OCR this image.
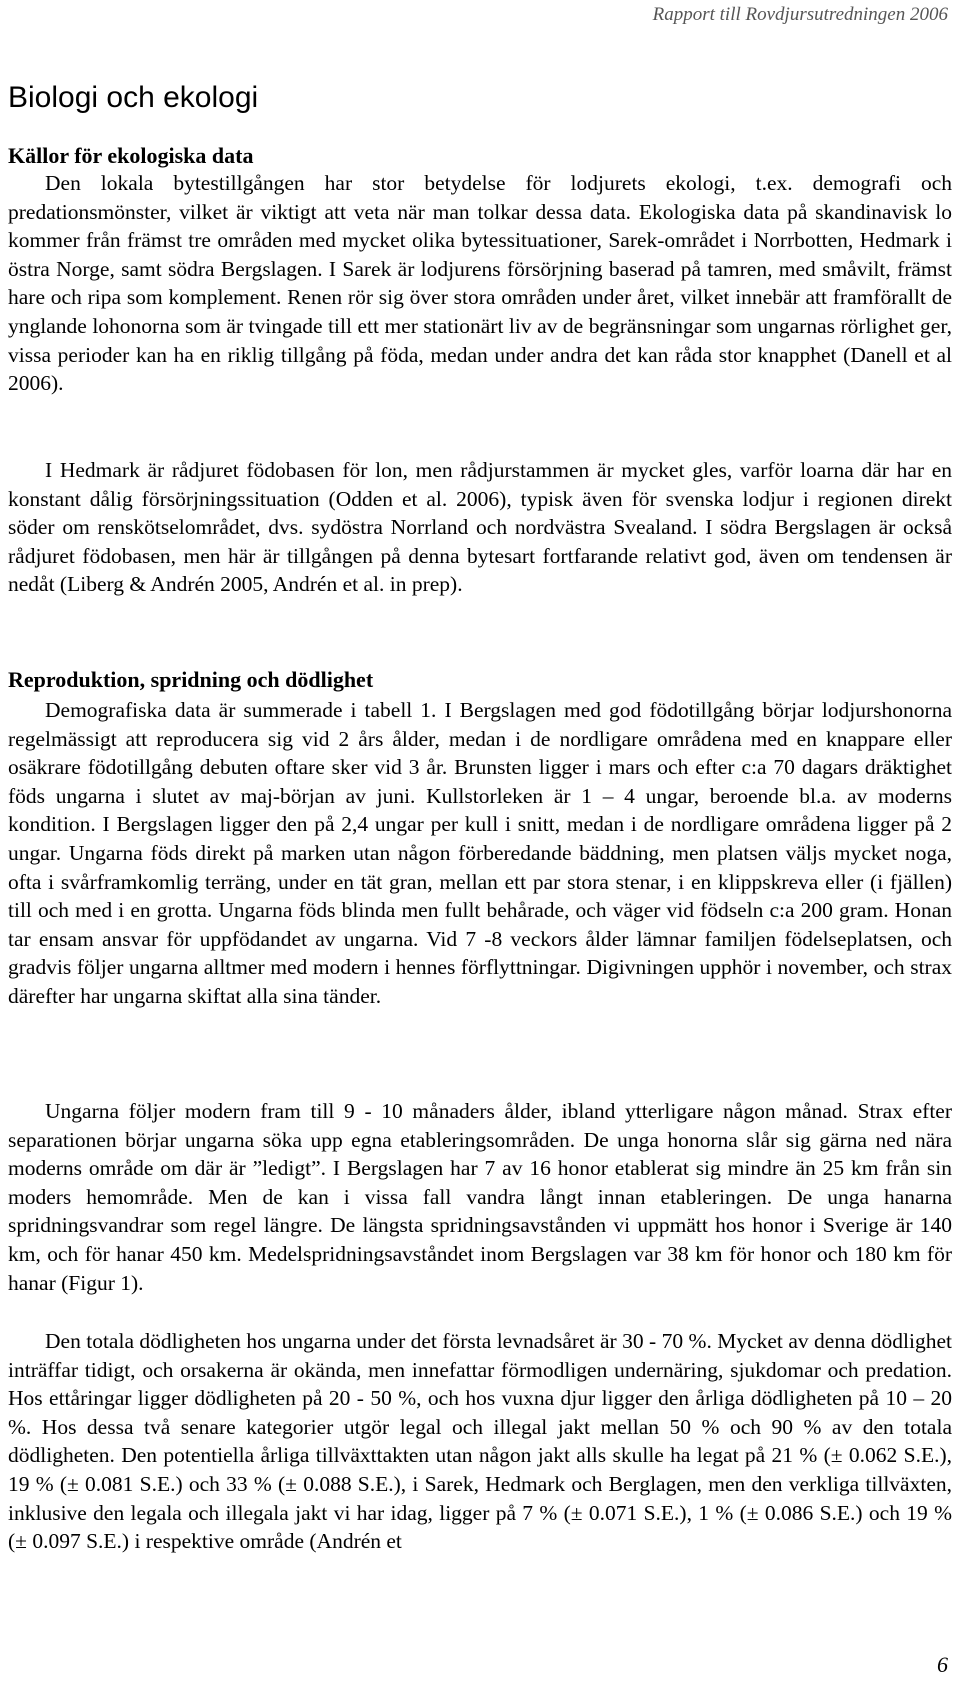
Rapport till Rovdjursutredningen 2006
Biologi och ekologi
Källor för ekologiska data

Den lokala bytestillgången har stor betydelse för lodjurets ekologi, t.ex. demografi och predationsmönster, vilket är viktigt att veta när man tolkar dessa data. Ekologiska data på skandinavisk lo kommer från främst tre områden med mycket olika bytessituationer, Sarek-området i Norrbotten, Hedmark i östra Norge, samt södra Bergslagen. I Sarek är lodjurens försörjning baserad på tamren, med småvilt, främst hare och ripa som komplement. Renen rör sig över stora områden under året, vilket innebär att framförallt de ynglande lohonorna som är tvingade till ett mer stationärt liv av de begränsningar som ungarnas rörlighet ger, vissa perioder kan ha en riklig tillgång på föda, medan under andra det kan råda stor knapphet (Danell et al 2006).

I Hedmark är rådjuret födobasen för lon, men rådjurstammen är mycket gles, varför loarna där har en konstant dålig försörjningssituation (Odden et al. 2006), typisk även för svenska lodjur i regionen direkt söder om renskötselområdet, dvs. sydöstra Norrland och nordvästra Svealand. I södra Bergslagen är också rådjuret födobasen, men här är tillgången på denna bytesart fortfarande relativt god, även om tendensen är nedåt (Liberg & Andrén 2005, Andrén et al. in prep).

Reproduktion, spridning och dödlighet

Demografiska data är summerade i tabell 1. I Bergslagen med god födotillgång börjar lodjurshonorna regelmässigt att reproducera sig vid 2 års ålder, medan i de nordligare områdena med en knappare eller osäkrare födotillgång debuten oftare sker vid 3 år. Brunsten ligger i mars och efter c:a 70 dagars dräktighet föds ungarna i slutet av maj-början av juni. Kullstorleken är 1 – 4 ungar, beroende bl.a. av moderns kondition. I Bergslagen ligger den på 2,4 ungar per kull i snitt, medan i de nordligare områdena ligger på 2 ungar. Ungarna föds direkt på marken utan någon förberedande bäddning, men platsen väljs mycket noga, ofta i svårframkomlig terräng, under en tät gran, mellan ett par stora stenar, i en klippskreva eller (i fjällen) till och med i en grotta. Ungarna föds blinda men fullt behårade, och väger vid födseln c:a 200 gram. Honan tar ensam ansvar för uppfödandet av ungarna. Vid 7 -8 veckors ålder lämnar familjen födelseplatsen, och gradvis följer ungarna alltmer med modern i hennes förflyttningar. Digivningen upphör i november, och strax därefter har ungarna skiftat alla sina tänder.

Ungarna följer modern fram till 9 - 10 månaders ålder, ibland ytterligare någon månad. Strax efter separationen börjar ungarna söka upp egna etableringsområden. De unga honorna slår sig gärna ned nära moderns område om där är ”ledigt”. I Bergslagen har 7 av 16 honor etablerat sig mindre än 25 km från sin moders hemområde. Men de kan i vissa fall vandra långt innan etableringen. De unga hanarna spridningsvandrar som regel längre. De längsta spridningsavstånden vi uppmätt hos honor i Sverige är 140 km, och för hanar 450 km. Medelspridningsavståndet inom Bergslagen var 38 km för honor och 180 km för hanar (Figur 1).

Den totala dödligheten hos ungarna under det första levnadsåret är 30 - 70 %. Mycket av denna dödlighet inträffar tidigt, och orsakerna är okända, men innefattar förmodligen undernäring, sjukdomar och predation. Hos ettåringar ligger dödligheten på 20 - 50 %, och hos vuxna djur ligger den årliga dödligheten på 10 – 20 %. Hos dessa två senare kategorier utgör legal och illegal jakt mellan 50 % och 90 % av den totala dödligheten. Den potentiella årliga tillväxttakten utan någon jakt alls skulle ha legat på 21 % (± 0.062 S.E.), 19 % (± 0.081 S.E.) och 33 % (± 0.088 S.E.), i Sarek, Hedmark och Berglagen, men den verkliga tillväxten, inklusive den legala och illegala jakt vi har idag, ligger på 7 % (± 0.071 S.E.), 1 % (± 0.086 S.E.) och 19 % (± 0.097 S.E.) i respektive område (Andrén et

6
